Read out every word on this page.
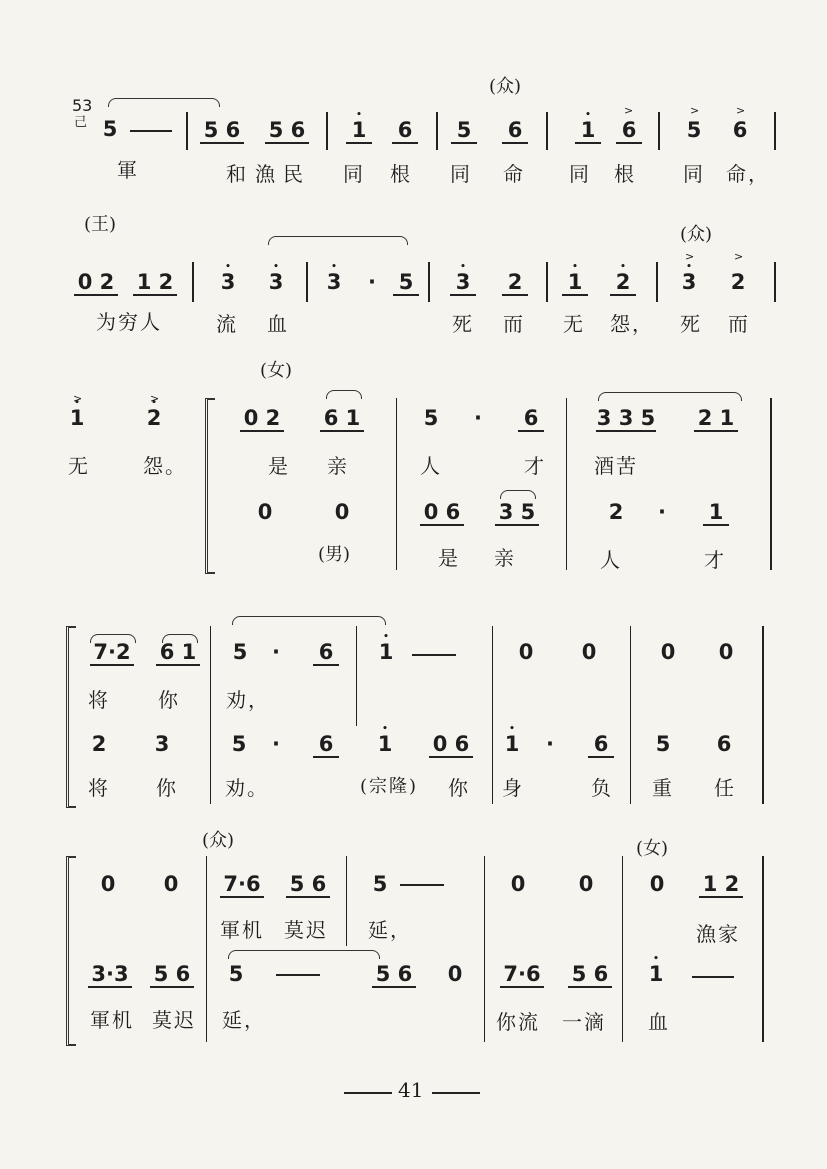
53
己
(众)
5	5 6 5 6 • 1 6 5 6	• 1 6
>	>
5
>
6
軍	和 漁 民 同 根 同 命 同 根 同 命，
(王)	(众)
0 2 1 2 • 3 • 3 • 3	·	5 • 3 2 • 1 • 2
>
• 3
>
2
为穷人	流 血	死 而 无 怨， 死 而
(女)
(男)
>
• 1
>
• 2
无	怨。
0 2 6 1	5	·	6	3 3 5 2 1
是 亲	人	才 酒苦
0	0	0 6 3 5	2	·	1
是 亲	人	才
7·2 6 1 5	·	6 • 1	0 0	0 0
将 你 劝，
2 3	5	·	6 • 1 0 6 • 1	·	6 5 6
将 你 劝。	(宗隆) 你 身	负 重 任
(众)	(女)
0 0 7·6 5 6 5	0	0	0 1 2
軍机 莫迟 延，	漁家
3·3 5 6 5	5 6 0 7·6 5 6 • 1
軍机 莫迟 延，	你流 一滴 血
41
